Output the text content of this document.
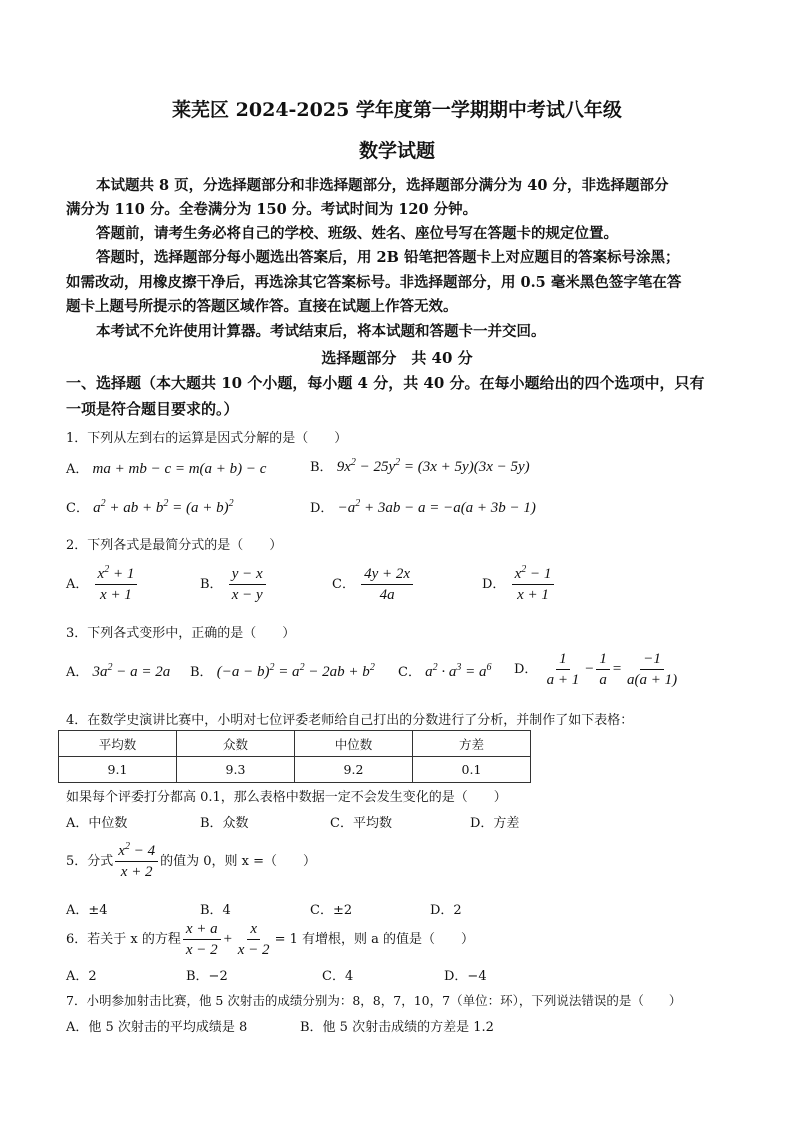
莱芜区 2024-2025 学年度第一学期期中考试八年级
数学试题
本试题共 8 页，分选择题部分和非选择题部分，选择题部分满分为 40 分，非选择题部分
满分为 110 分。全卷满分为 150 分。考试时间为 120 分钟。
答题前，请考生务必将自己的学校、班级、姓名、座位号写在答题卡的规定位置。
答题时，选择题部分每小题选出答案后，用 2B 铅笔把答题卡上对应题目的答案标号涂黑；
如需改动，用橡皮擦干净后，再选涂其它答案标号。非选择题部分，用 0.5 毫米黑色签字笔在答
题卡上题号所提示的答题区域作答。直接在试题上作答无效。
本考试不允许使用计算器。考试结束后，将本试题和答题卡一并交回。
选择题部分　共 40 分
一、选择题（本大题共 10 个小题，每小题 4 分，共 40 分。在每小题给出的四个选项中，只有
一项是符合题目要求的。）
1．下列从左到右的运算是因式分解的是（　　）
A． ma + mb − c = m(a + b) − c	B． $9x^2 - 25y^2 = (3x + 5y)(3x - 5y)$
C． $a^2$ + ab + $b^2 = (a + b)^2$	D． $-a^2 + 3ab - a = -a(a + 3b - 1)$
2．下列各式是最简分式的是（　　）
A． $\frac{x^2 + 1}{x + 1}$	B． $\frac{y - x}{x - y}$	C． $\frac{4y + 2x}{4a}$	D． $\frac{x^2 - 1}{x + 1}$
3．下列各式变形中，正确的是（　　）
A． $3a^2 - a = 2a$ B． $(-a - b)^2 = a^2 - 2ab + b^2$ C． $a^2 \cdot a^3 = a^6$ D． $\frac{1}{a + 1} - \frac{1}{a} = \frac{-1}{a(a + 1)}$
4．在数学史演讲比赛中，小明对七位评委老师给自己打出的分数进行了分析，并制作了如下表格：
平均数	众数	中位数	方差
9.1	9.3	9.2	0.1
如果每个评委打分都高 0.1，那么表格中数据一定不会发生变化的是（　　）
A．中位数	B．众数	C．平均数	D．方差
5．分式 $\frac{x^2 - 4}{x + 2}$ 的值为 0，则 x =（　　）
A．±4	B．4	C．±2	D．2
6．若关于 x 的方程 $\frac{x + a}{x - 2} + \frac{x}{x - 2} = 1$ 有增根，则 a 的值是（　　）
A．2	B．−2	C．4	D．−4
7．小明参加射击比赛，他 5 次射击的成绩分别为：8，8，7，10，7（单位：环），下列说法错误的是（　　）
A．他 5 次射击的平均成绩是 8	B．他 5 次射击成绩的方差是 1.2
